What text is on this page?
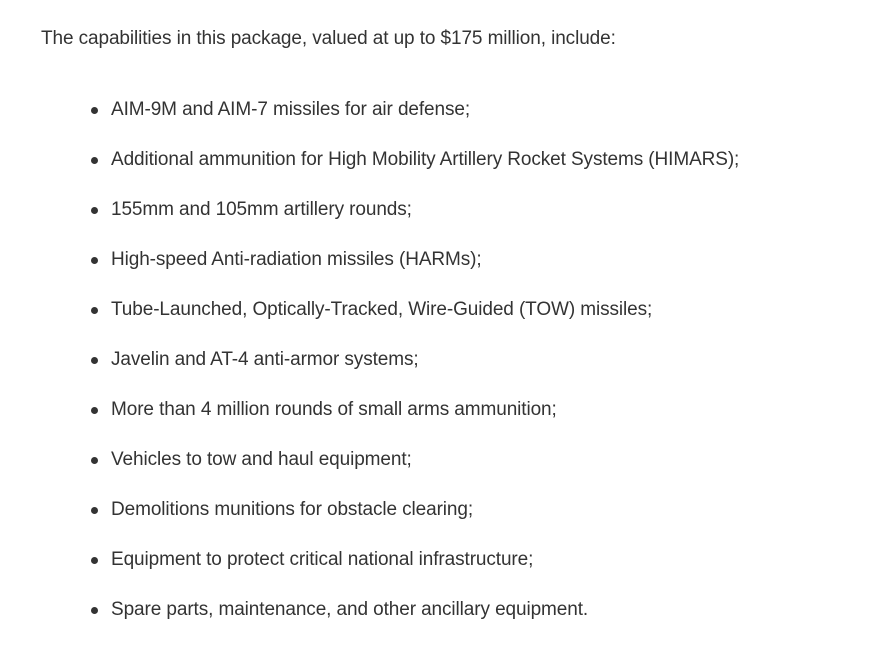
The capabilities in this package, valued at up to $175 million, include:

AIM-9M and AIM-7 missiles for air defense;
Additional ammunition for High Mobility Artillery Rocket Systems (HIMARS);
155mm and 105mm artillery rounds;
High-speed Anti-radiation missiles (HARMs);
Tube-Launched, Optically-Tracked, Wire-Guided (TOW) missiles;
Javelin and AT-4 anti-armor systems;
More than 4 million rounds of small arms ammunition;
Vehicles to tow and haul equipment;
Demolitions munitions for obstacle clearing;
Equipment to protect critical national infrastructure;
Spare parts, maintenance, and other ancillary equipment.
